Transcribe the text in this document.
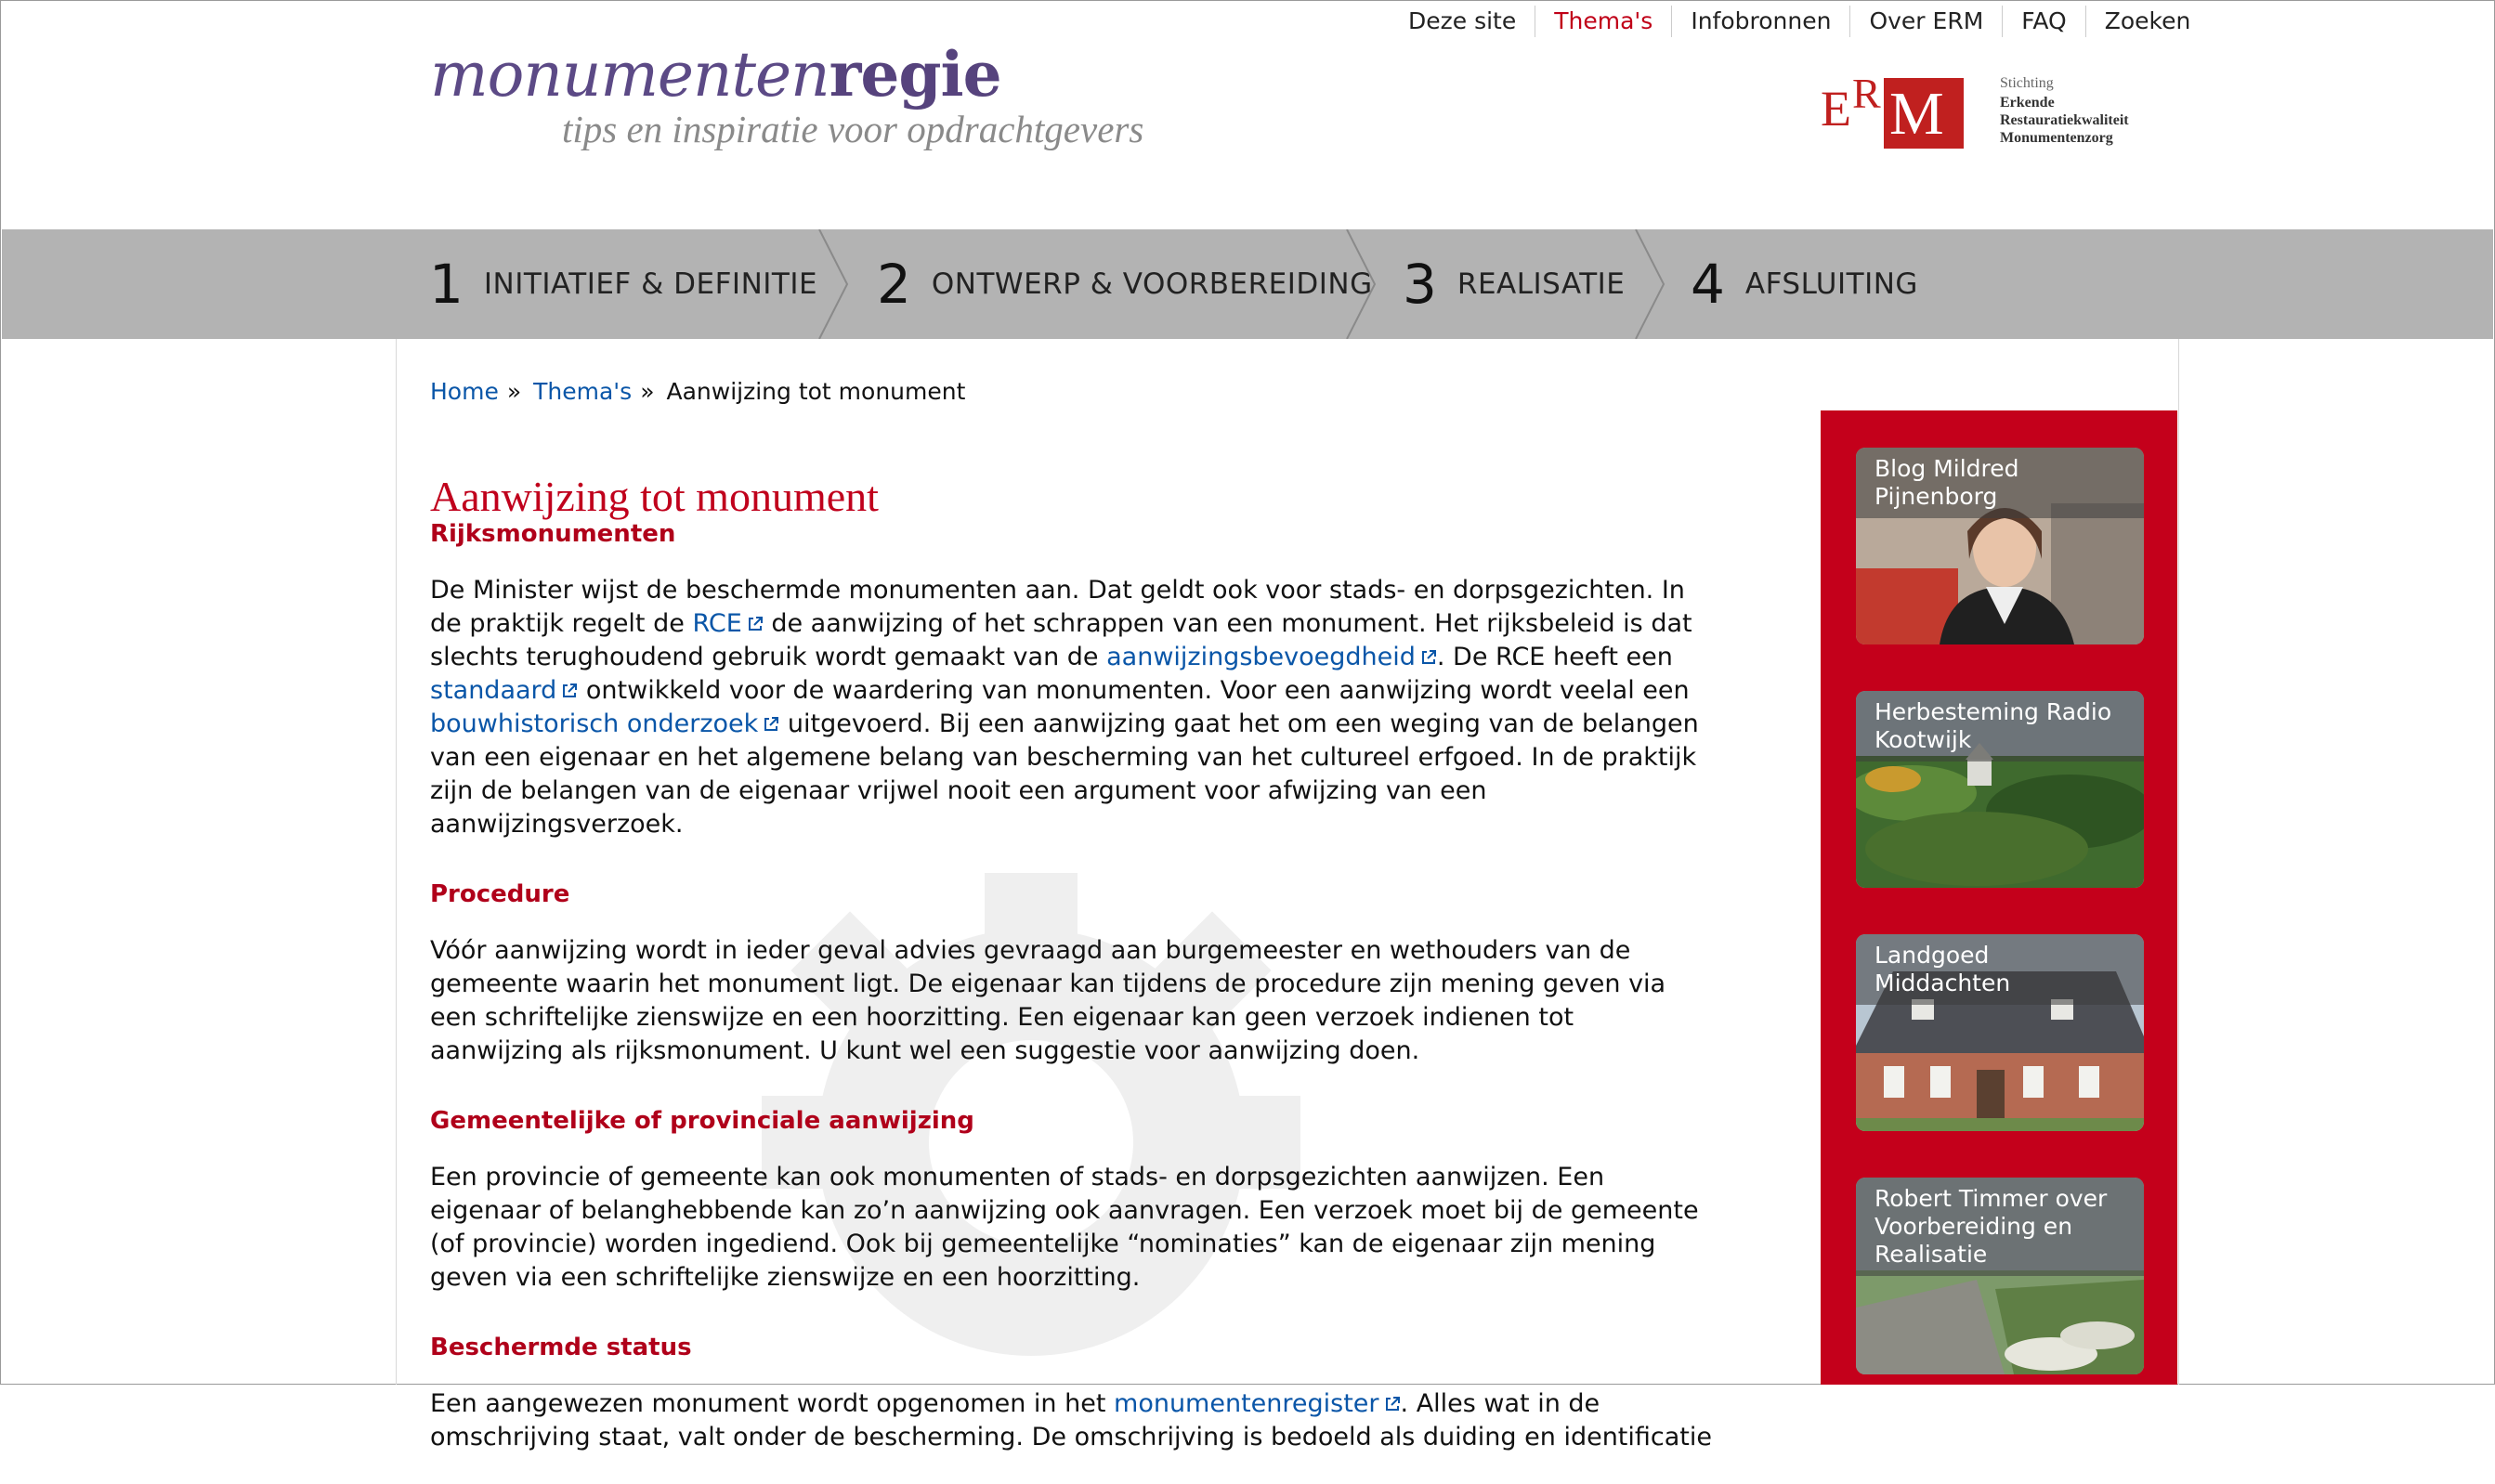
Deze site	Thema's	Infobronnen	Over ERM	FAQ	Zoeken
monumentenregie
tips en inspiratie voor opdrachtgevers	E R M	Stichting
Erkende
Restauratiekwaliteit
Monumentenzorg
1 INITIATIEF & DEFINITIE 2 ONTWERP & VOORBEREIDING 3 REALISATIE 4 AFSLUITING
Home » Thema's » Aanwijzing tot monument
Aanwijzing tot monument
Rijksmonumenten

De Minister wijst de beschermde monumenten aan. Dat geldt ook voor stads- en dorpsgezichten. In de praktijk regelt de RCE de aanwijzing of het schrappen van een monument. Het rijksbeleid is dat slechts terughoudend gebruik wordt gemaakt van de aanwijzingsbevoegdheid . De RCE heeft een standaard ontwikkeld voor de waardering van monumenten. Voor een aanwijzing wordt veelal een bouwhistorisch onderzoek uitgevoerd. Bij een aanwijzing gaat het om een weging van de belangen van een eigenaar en het algemene belang van bescherming van het cultureel erfgoed. In de praktijk zijn de belangen van de eigenaar vrijwel nooit een argument voor afwijzing van een aanwijzingsverzoek.

Procedure

Vóór aanwijzing wordt in ieder geval advies gevraagd aan burgemeester en wethouders van de gemeente waarin het monument ligt. De eigenaar kan tijdens de procedure zijn mening geven via een schriftelijke zienswijze en een hoorzitting. Een eigenaar kan geen verzoek indienen tot aanwijzing als rijksmonument. U kunt wel een suggestie voor aanwijzing doen.

Gemeentelijke of provinciale aanwijzing

Een provincie of gemeente kan ook monumenten of stads- en dorpsgezichten aanwijzen. Een eigenaar of belanghebbende kan zo’n aanwijzing ook aanvragen. Een verzoek moet bij de gemeente (of provincie) worden ingediend. Ook bij gemeentelijke “nominaties” kan de eigenaar zijn mening geven via een schriftelijke zienswijze en een hoorzitting.

Beschermde status

Een aangewezen monument wordt opgenomen in het monumentenregister . Alles wat in de omschrijving staat, valt onder de bescherming. De omschrijving is bedoeld als duiding en identificatie

Blog Mildred Pijnenborg
Herbesteming Radio Kootwijk
Landgoed Middachten
Robert Timmer over Voorbereiding en Realisatie
